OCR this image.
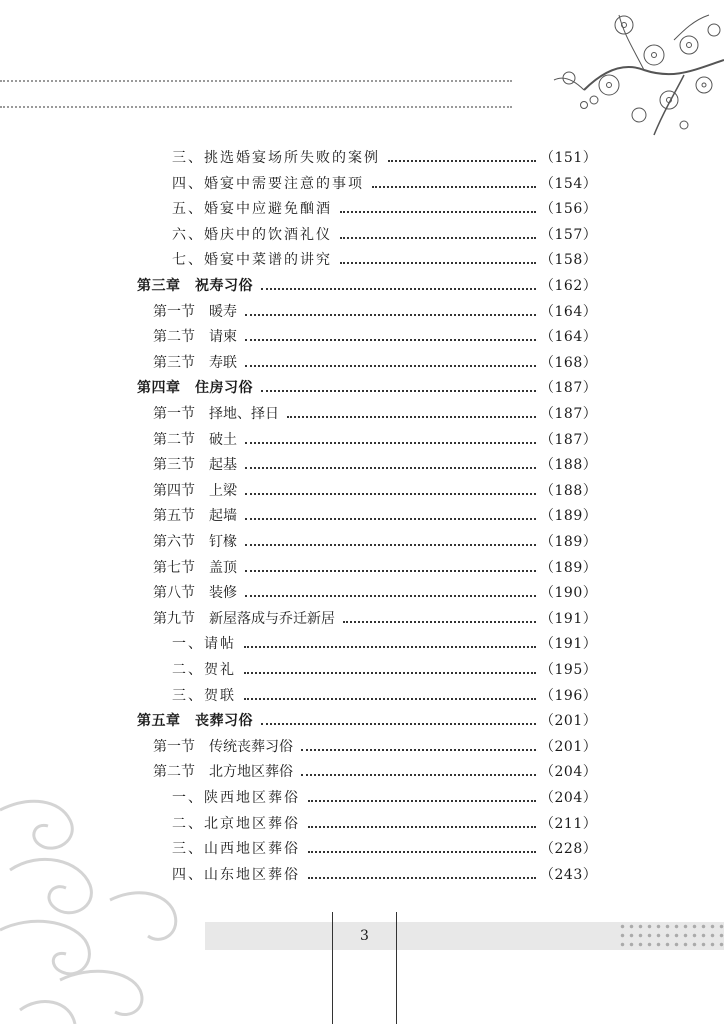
三、挑选婚宴场所失败的案例	（151）
四、婚宴中需要注意的事项	（154）
五、婚宴中应避免酗酒	（156）
六、婚庆中的饮酒礼仪	（157）
七、婚宴中菜谱的讲究	（158）
第三章　祝寿习俗	（162）
第一节　暖寿	（164）
第二节　请柬	（164）
第三节　寿联	（168）
第四章　住房习俗	（187）
第一节　择地、择日	（187）
第二节　破土	（187）
第三节　起基	（188）
第四节　上梁	（188）
第五节　起墙	（189）
第六节　钉椽	（189）
第七节　盖顶	（189）
第八节　装修	（190）
第九节　新屋落成与乔迁新居	（191）
一、请帖	（191）
二、贺礼	（195）
三、贺联	（196）
第五章　丧葬习俗	（201）
第一节　传统丧葬习俗	（201）
第二节　北方地区葬俗	（204）
一、陕西地区葬俗	（204）
二、北京地区葬俗	（211）
三、山西地区葬俗	（228）
四、山东地区葬俗	（243）
3
